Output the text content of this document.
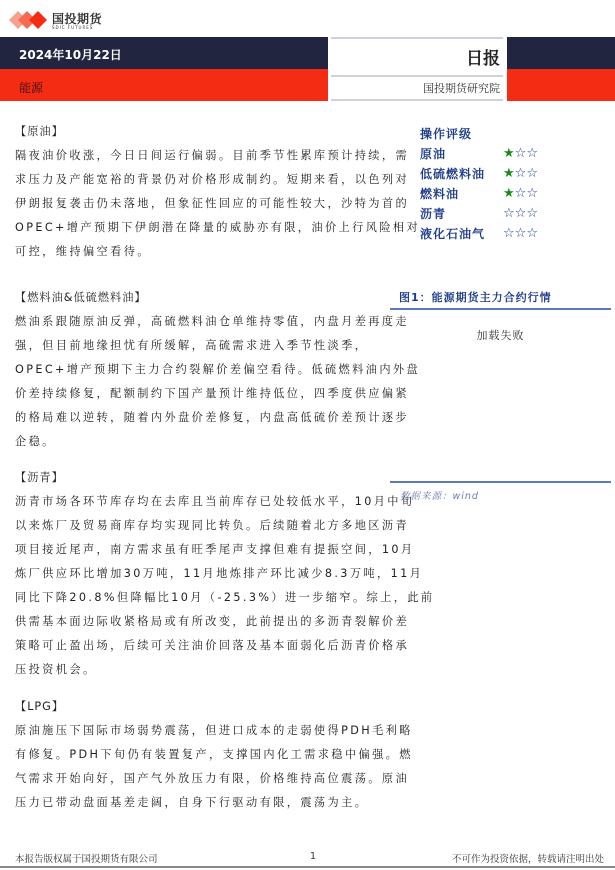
国投期货
SDIC FUTURES
2024年10月22日
能源
日报
国投期货研究院
【原油】
隔夜油价收涨，今日日间运行偏弱。目前季节性累库预计持续，需
求压力及产能宽裕的背景仍对价格形成制约。短期来看，以色列对
伊朗报复袭击仍未落地，但象征性回应的可能性较大，沙特为首的
OPEC+增产预期下伊朗潜在降量的威胁亦有限，油价上行风险相对
可控，维持偏空看待。
【燃料油&低硫燃料油】
燃油系跟随原油反弹，高硫燃料油仓单维持零值，内盘月差再度走
强，但目前地缘担忧有所缓解，高硫需求进入季节性淡季，
OPEC+增产预期下主力合约裂解价差偏空看待。低硫燃料油内外盘
价差持续修复，配额制约下国产量预计维持低位，四季度供应偏紧
的格局难以逆转，随着内外盘价差修复，内盘高低硫价差预计逐步
企稳。
【沥青】
沥青市场各环节库存均在去库且当前库存已处较低水平，10月中旬
以来炼厂及贸易商库存均实现同比转负。后续随着北方多地区沥青
项目接近尾声，南方需求虽有旺季尾声支撑但难有提振空间，10月
炼厂供应环比增加30万吨，11月地炼排产环比减少8.3万吨，11月
同比下降20.8%但降幅比10月（-25.3%）进一步缩窄。综上，此前
供需基本面边际收紧格局或有所改变，此前提出的多沥青裂解价差
策略可止盈出场，后续可关注油价回落及基本面弱化后沥青价格承
压投资机会。
【LPG】
原油施压下国际市场弱势震荡，但进口成本的走弱使得PDH毛利略
有修复。PDH下旬仍有装置复产，支撑国内化工需求稳中偏强。燃
气需求开始向好，国产气外放压力有限，价格维持高位震荡。原油
压力已带动盘面基差走阔，自身下行驱动有限，震荡为主。
操作评级
原油	★☆☆
低硫燃料油 ★☆☆
燃料油	★☆☆
沥青	☆☆☆
液化石油气 ☆☆☆
图1：能源期货主力合约行情
加载失败
数据来源：wind
本报告版权属于国投期货有限公司	1	不可作为投资依据，转载请注明出处
